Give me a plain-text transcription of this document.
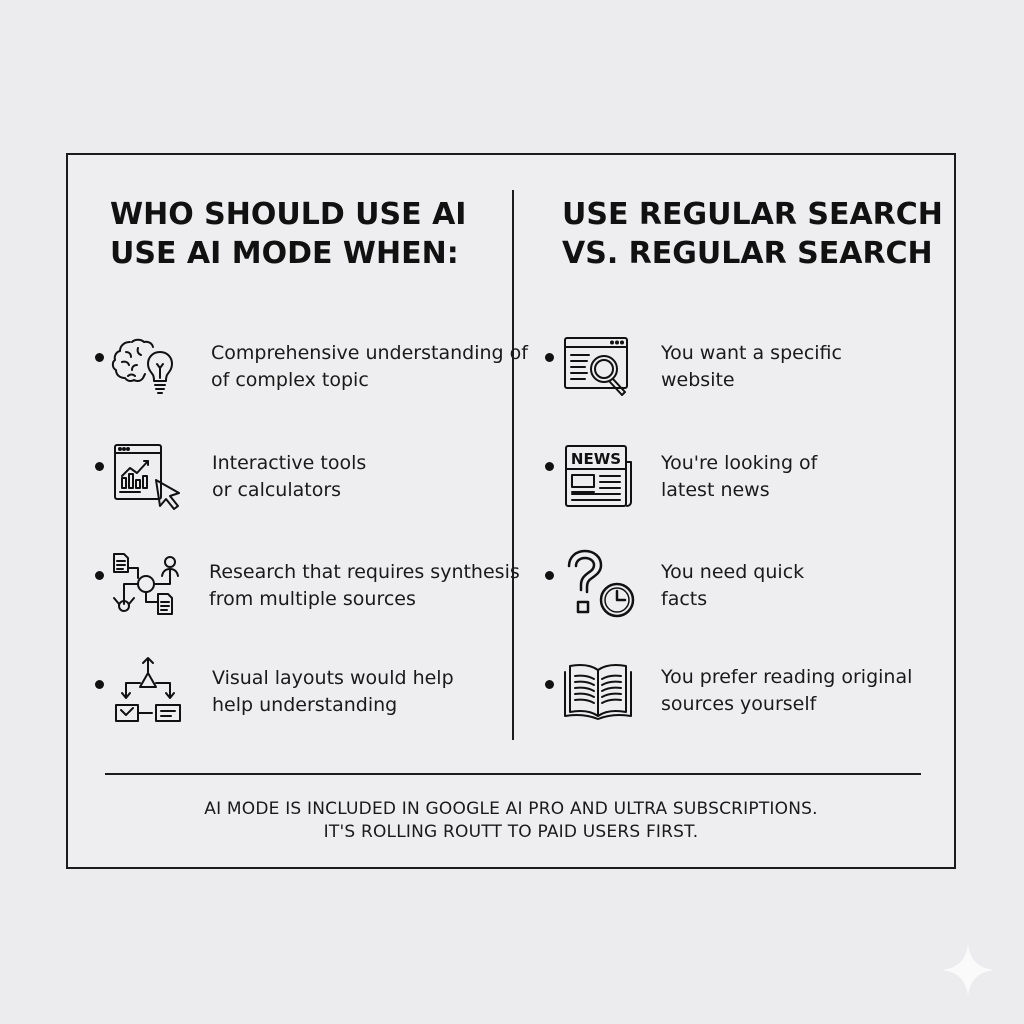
WHO SHOULD USE AI
USE AI MODE WHEN:
USE REGULAR SEARCH
VS. REGULAR SEARCH
Comprehensive understanding of
of complex topic
Interactive tools
or calculators
Research that requires synthesis
from multiple sources
Visual layouts would help
help understanding
You want a specific
website
NEWS You're looking of
latest news
You need quick
facts
You prefer reading original
sources yourself
AI MODE IS INCLUDED IN GOOGLE AI PRO AND ULTRA SUBSCRIPTIONS.
IT'S ROLLING ROUTT TO PAID USERS FIRST.
